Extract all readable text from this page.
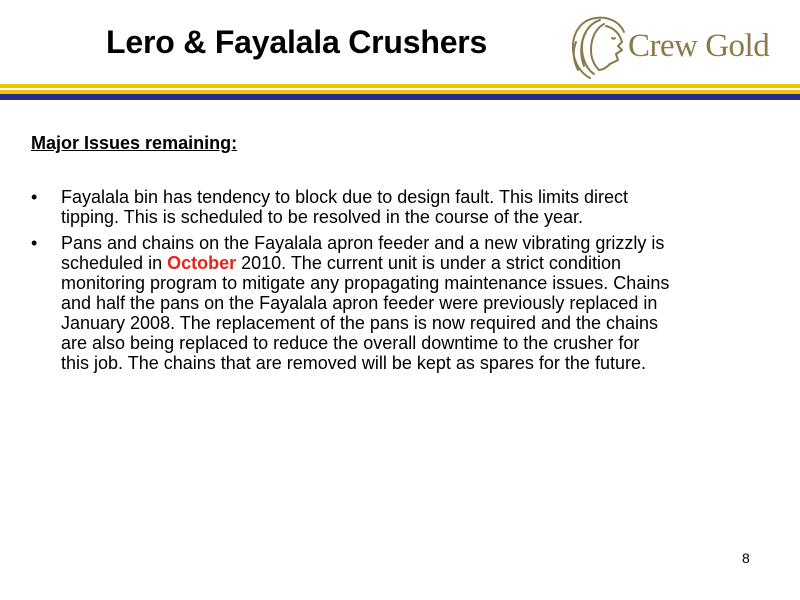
Lero & Fayalala Crushers	Crew Gold
Major Issues remaining:
• Fayalala bin has tendency to block due to design fault. This limits direct tipping. This is scheduled to be resolved in the course of the year.
• Pans and chains on the Fayalala apron feeder and a new vibrating grizzly is scheduled in October 2010. The current unit is under a strict condition monitoring program to mitigate any propagating maintenance issues. Chains and half the pans on the Fayalala apron feeder were previously replaced in January 2008. The replacement of the pans is now required and the chains are also being replaced to reduce the overall downtime to the crusher for this job. The chains that are removed will be kept as spares for the future.
8
